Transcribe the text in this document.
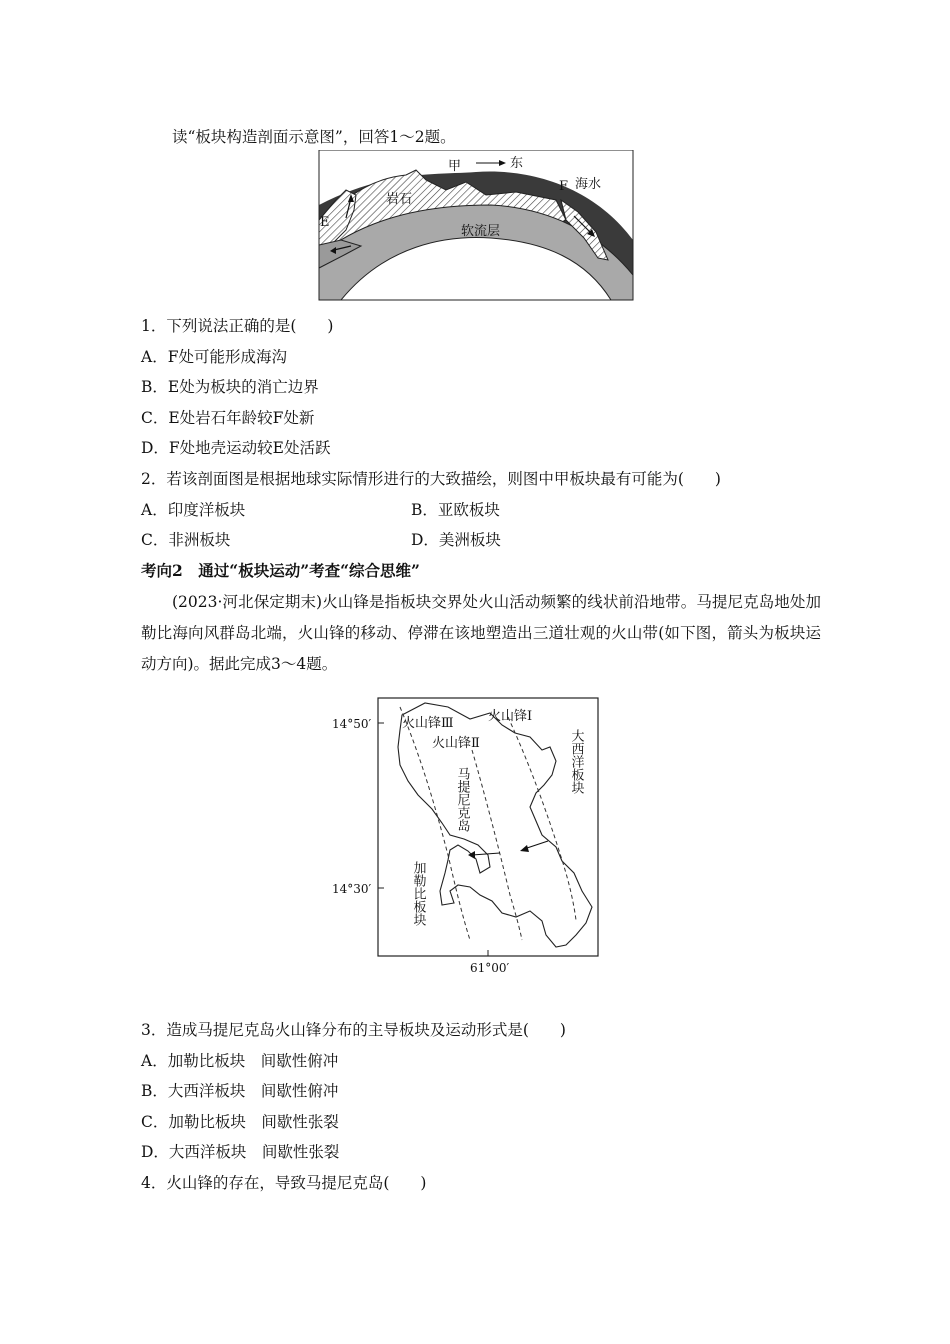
读“板块构造剖面示意图”，回答1～2题。
甲	东
岩石
F 海水
E
软流层
1．下列说法正确的是(　　)
A．F处可能形成海沟
B．E处为板块的消亡边界
C．E处岩石年龄较F处新
D．F处地壳运动较E处活跃
2．若该剖面图是根据地球实际情形进行的大致描绘，则图中甲板块最有可能为(　　)
A．印度洋板块	B．亚欧板块
C．非洲板块	D．美洲板块
考向2　通过“板块运动”考查“综合思维”
(2023·河北保定期末)火山锋是指板块交界处火山活动频繁的线状前沿地带。马提尼克岛地处加勒比海向风群岛北端，火山锋的移动、停滞在该地塑造出三道壮观的火山带(如下图，箭头为板块运动方向)。据此完成3～4题。
14°50′
14°30′
61°00′
火山锋Ⅰ
火山锋Ⅲ
火山锋Ⅱ
马提尼克岛
大西洋板块
加勒比板块
3．造成马提尼克岛火山锋分布的主导板块及运动形式是(　　)
A．加勒比板块　间歇性俯冲
B．大西洋板块　间歇性俯冲
C．加勒比板块　间歇性张裂
D．大西洋板块　间歇性张裂
4．火山锋的存在，导致马提尼克岛(　　)
